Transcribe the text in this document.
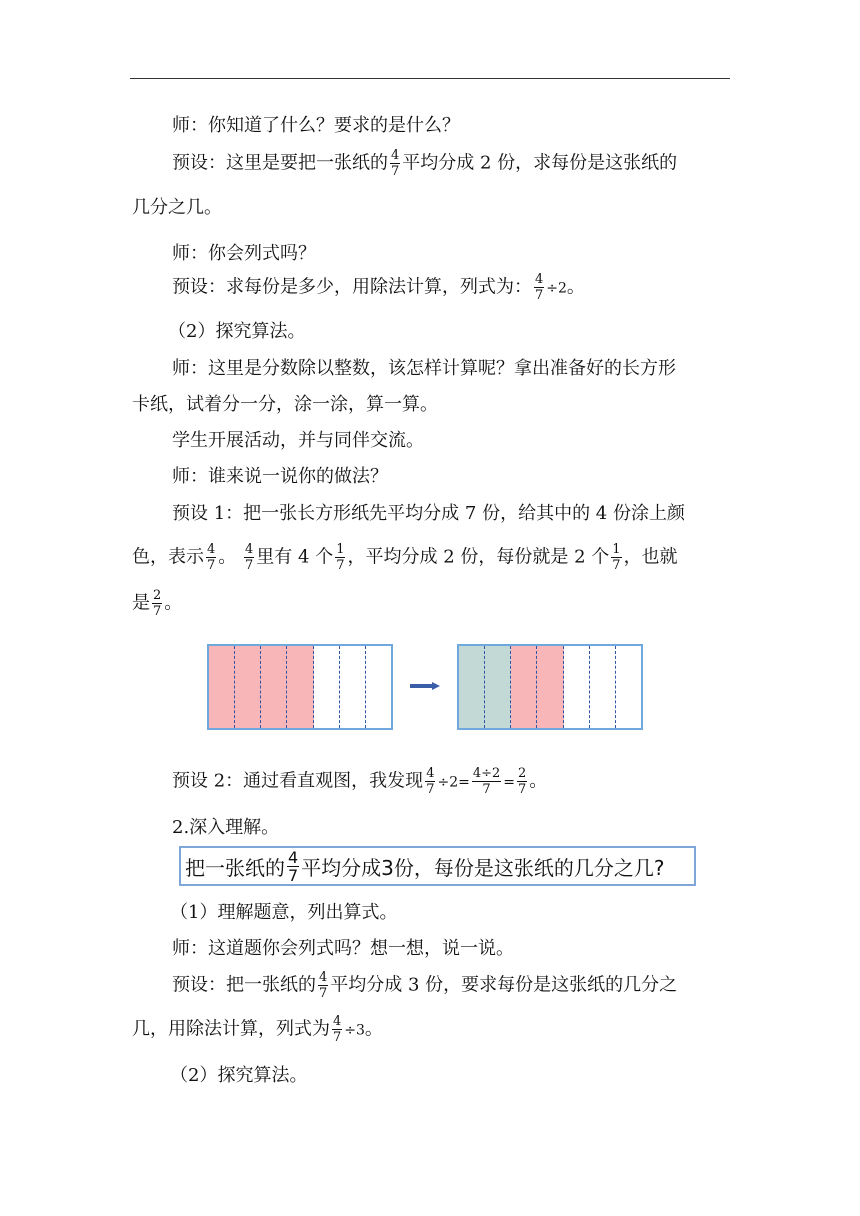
师：你知道了什么？要求的是什么？
预设：这里是要把一张纸的 $\frac{4}{7}$ 平均分成 2 份，求每份是这张纸的
几分之几。
师：你会列式吗？
预设：求每份是多少，用除法计算，列式为： $\frac{4}{7} \div 2$。
（2）探究算法。
师：这里是分数除以整数，该怎样计算呢？拿出准备好的长方形
卡纸，试着分一分，涂一涂，算一算。
学生开展活动，并与同伴交流。
师：谁来说一说你的做法？
预设 1：把一张长方形纸先平均分成 7 份，给其中的 4 份涂上颜
色，表示 $\frac{4}{7}$ 。 $\frac{4}{7}$ 里有 4 个 $\frac{1}{7}$ ，平均分成 2 份，每份就是 2 个 $\frac{1}{7}$ ，也就
是 $\frac{2}{7}$ 。
预设 2：通过看直观图，我发现 $\frac{4}{7} \div 2= \frac{4\div 2}{7} = \frac{2}{7}$ 。
2.深入理解。
把一张纸的 $\frac{4}{7}$ 平均分成3份，每份是这张纸的几分之几?
（1）理解题意，列出算式。
师：这道题你会列式吗？想一想，说一说。
预设：把一张纸的 $\frac{4}{7}$ 平均分成 3 份，要求每份是这张纸的几分之
几，用除法计算，列式为 $\frac{4}{7} \div 3$。
（2）探究算法。
